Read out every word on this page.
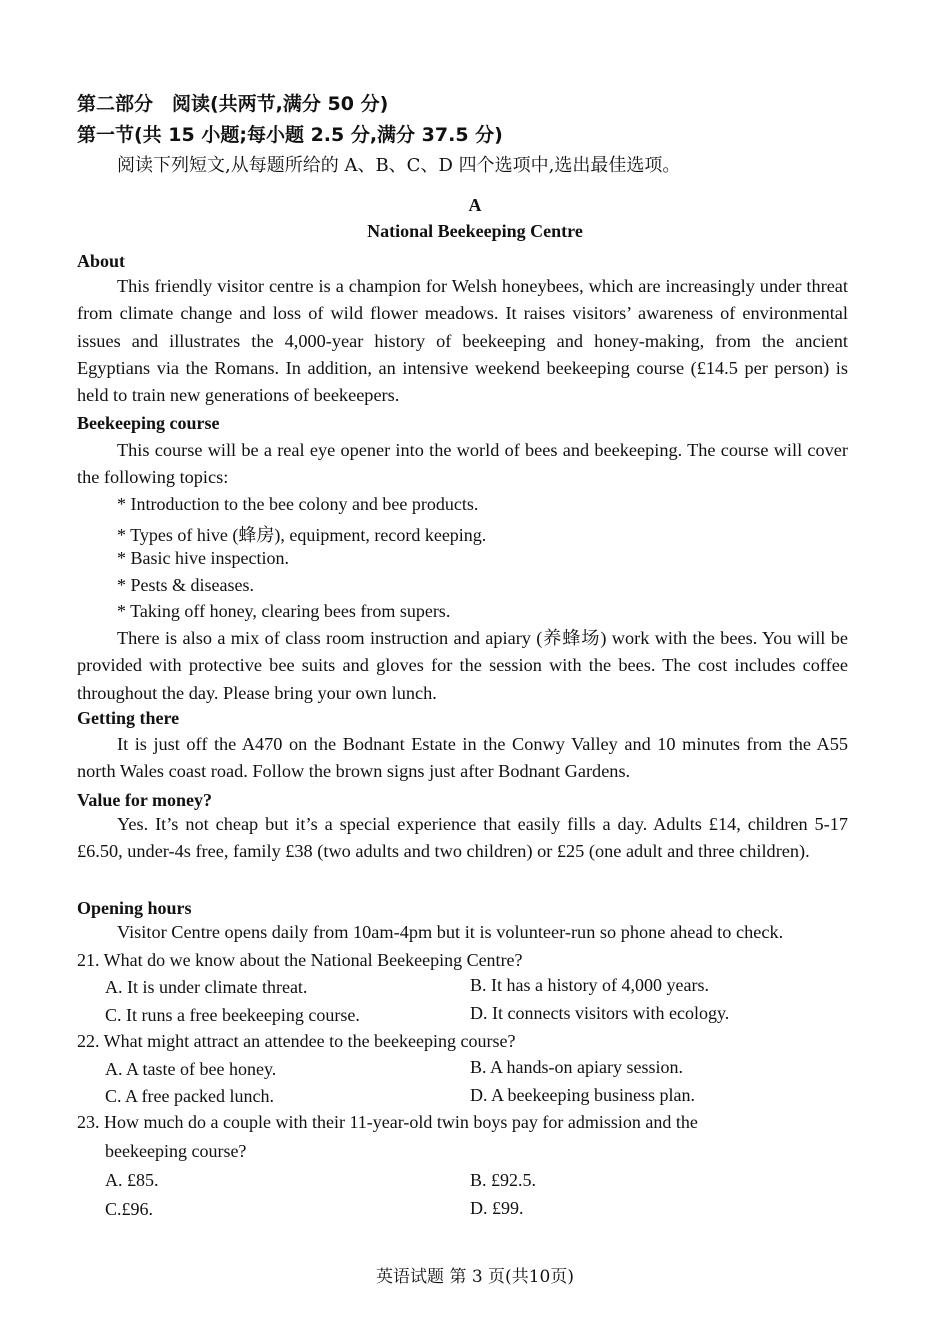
第二部分　阅读(共两节,满分 50 分)
第一节(共 15 小题;每小题 2.5 分,满分 37.5 分)
阅读下列短文,从每题所给的 A、B、C、D 四个选项中,选出最佳选项。
A
National Beekeeping Centre
About
This friendly visitor centre is a champion for Welsh honeybees, which are increasingly under threat from climate change and loss of wild flower meadows. It raises visitors’ awareness of environmental issues and illustrates the 4,000-year history of beekeeping and honey-making, from the ancient Egyptians via the Romans. In addition, an intensive weekend beekeeping course (£14.5 per person) is held to train new generations of beekeepers.
Beekeeping course
This course will be a real eye opener into the world of bees and beekeeping. The course will cover the following topics:
* Introduction to the bee colony and bee products.
* Types of hive (蜂房), equipment, record keeping.
* Basic hive inspection.
* Pests & diseases.
* Taking off honey, clearing bees from supers.
There is also a mix of class room instruction and apiary (养蜂场) work with the bees. You will be provided with protective bee suits and gloves for the session with the bees. The cost includes coffee throughout the day. Please bring your own lunch.
Getting there
It is just off the A470 on the Bodnant Estate in the Conwy Valley and 10 minutes from the A55 north Wales coast road. Follow the brown signs just after Bodnant Gardens.
Value for money?
Yes. It’s not cheap but it’s a special experience that easily fills a day. Adults £14, children 5-17 £6.50, under-4s free, family £38 (two adults and two children) or £25 (one adult and three children).
Opening hours
Visitor Centre opens daily from 10am-4pm but it is volunteer-run so phone ahead to check.
21. What do we know about the National Beekeeping Centre?
A. It is under climate threat.	B. It has a history of 4,000 years.
C. It runs a free beekeeping course.	D. It connects visitors with ecology.
22. What might attract an attendee to the beekeeping course?
A. A taste of bee honey.	B. A hands-on apiary session.
C. A free packed lunch.	D. A beekeeping business plan.
23. How much do a couple with their 11-year-old twin boys pay for admission and the
beekeeping course?
A. £85.	B. £92.5.
C.£96.	D. £99.
英语试题 第 3 页(共10页)
